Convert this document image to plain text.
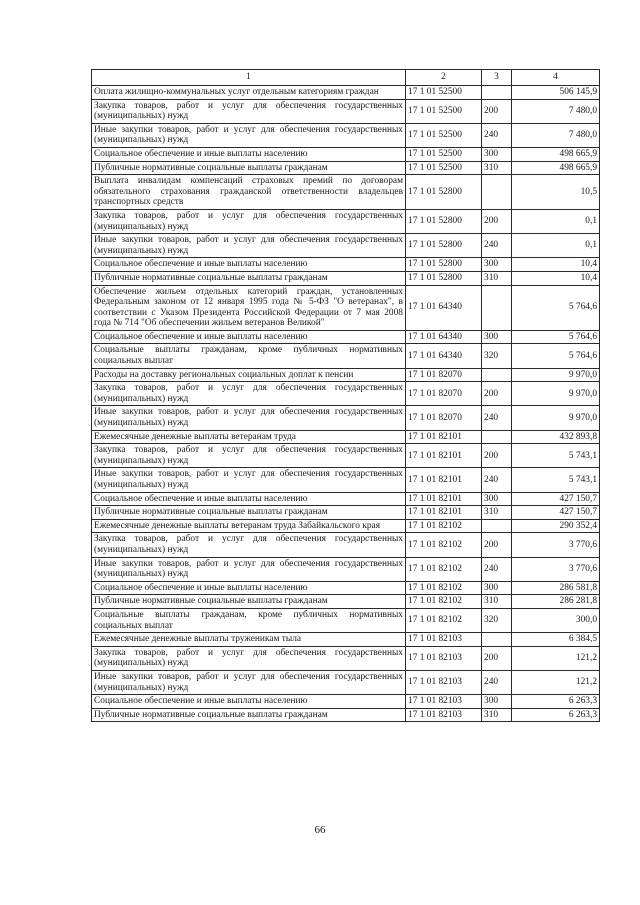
1	2	3	4
Оплата жилищно-коммунальных услуг отдельным категориям граждан	17 1 01 52500		506 145,9
Закупка товаров, работ и услуг для обеспечения государственных (муниципальных) нужд	17 1 01 52500	200	7 480,0
Иные закупки товаров, работ и услуг для обеспечения государственных (муниципальных) нужд	17 1 01 52500	240	7 480,0
Социальное обеспечение и иные выплаты населению	17 1 01 52500	300	498 665,9
Публичные нормативные социальные выплаты гражданам	17 1 01 52500	310	498 665,9
Выплата инвалидам компенсаций страховых премий по договорам обязательного страхования гражданской ответственности владельцев транспортных средств	17 1 01 52800		10,5
Закупка товаров, работ и услуг для обеспечения государственных (муниципальных) нужд	17 1 01 52800	200	0,1
Иные закупки товаров, работ и услуг для обеспечения государственных (муниципальных) нужд	17 1 01 52800	240	0,1
Социальное обеспечение и иные выплаты населению	17 1 01 52800	300	10,4
Публичные нормативные социальные выплаты гражданам	17 1 01 52800	310	10,4
Обеспечение жильем отдельных категорий граждан, установленных Федеральным законом от 12 января 1995 года № 5-ФЗ "О ветеранах", в соответствии с Указом Президента Российской Федерации от 7 мая 2008 года № 714 "Об обеспечении жильем ветеранов Великой"	17 1 01 64340		5 764,6
Социальное обеспечение и иные выплаты населению	17 1 01 64340	300	5 764,6
Социальные выплаты гражданам, кроме публичных нормативных социальных выплат	17 1 01 64340	320	5 764,6
Расходы на доставку региональных социальных доплат к пенсии	17 1 01 82070		9 970,0
Закупка товаров, работ и услуг для обеспечения государственных (муниципальных) нужд	17 1 01 82070	200	9 970,0
Иные закупки товаров, работ и услуг для обеспечения государственных (муниципальных) нужд	17 1 01 82070	240	9 970,0
Ежемесячные денежные выплаты ветеранам труда	17 1 01 82101		432 893,8
Закупка товаров, работ и услуг для обеспечения государственных (муниципальных) нужд	17 1 01 82101	200	5 743,1
Иные закупки товаров, работ и услуг для обеспечения государственных (муниципальных) нужд	17 1 01 82101	240	5 743,1
Социальное обеспечение и иные выплаты населению	17 1 01 82101	300	427 150,7
Публичные нормативные социальные выплаты гражданам	17 1 01 82101	310	427 150,7
Ежемесячные денежные выплаты ветеранам труда Забайкальского края	17 1 01 82102		290 352,4
Закупка товаров, работ и услуг для обеспечения государственных (муниципальных) нужд	17 1 01 82102	200	3 770,6
Иные закупки товаров, работ и услуг для обеспечения государственных (муниципальных) нужд	17 1 01 82102	240	3 770,6
Социальное обеспечение и иные выплаты населению	17 1 01 82102	300	286 581,8
Публичные нормативные социальные выплаты гражданам	17 1 01 82102	310	286 281,8
Социальные выплаты гражданам, кроме публичных нормативных социальных выплат	17 1 01 82102	320	300,0
Ежемесячные денежные выплаты труженикам тыла	17 1 01 82103		6 384,5
Закупка товаров, работ и услуг для обеспечения государственных (муниципальных) нужд	17 1 01 82103	200	121,2
Иные закупки товаров, работ и услуг для обеспечения государственных (муниципальных) нужд	17 1 01 82103	240	121,2
Социальное обеспечение и иные выплаты населению	17 1 01 82103	300	6 263,3
Публичные нормативные социальные выплаты гражданам	17 1 01 82103	310	6 263,3
66
